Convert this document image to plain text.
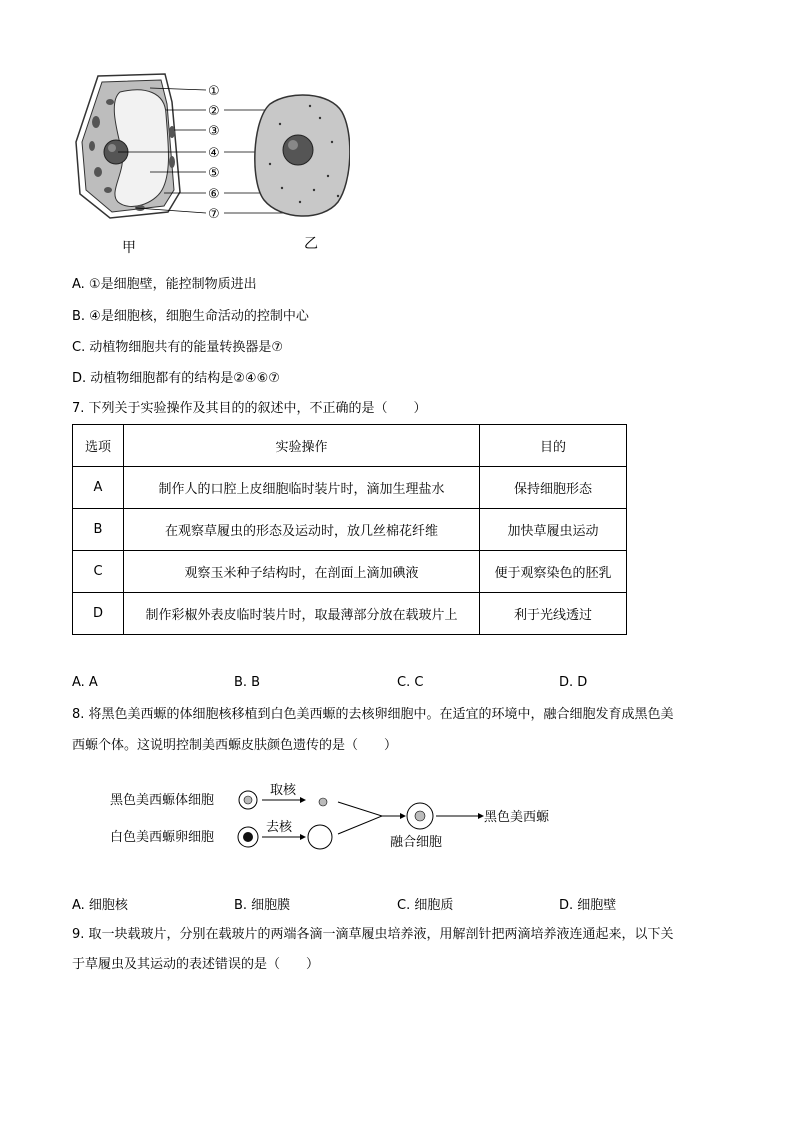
①
②
③
④
⑤
⑥
⑦
甲	乙
A. ①是细胞壁，能控制物质进出
B. ④是细胞核，细胞生命活动的控制中心
C. 动植物细胞共有的能量转换器是⑦
D. 动植物细胞都有的结构是②④⑥⑦
7. 下列关于实验操作及其目的的叙述中，不正确的是（　　）
选项	实验操作	目的
A	制作人的口腔上皮细胞临时装片时，滴加生理盐水	保持细胞形态
B	在观察草履虫的形态及运动时，放几丝棉花纤维	加快草履虫运动
C	观察玉米种子结构时，在剖面上滴加碘液	便于观察染色的胚乳
D	制作彩椒外表皮临时装片时，取最薄部分放在载玻片上	利于光线透过
A. A	B. B	C. C	D. D
8. 将黑色美西螈的体细胞核移植到白色美西螈的去核卵细胞中。在适宜的环境中，融合细胞发育成黑色美
西螈个体。这说明控制美西螈皮肤颜色遗传的是（　　）
黑色美西螈体细胞
白色美西螈卵细胞
取核
去核
融合细胞
黑色美西螈
A. 细胞核	B. 细胞膜	C. 细胞质	D. 细胞壁
9. 取一块载玻片，分别在载玻片的两端各滴一滴草履虫培养液，用解剖针把两滴培养液连通起来，以下关
于草履虫及其运动的表述错误的是（　　）
